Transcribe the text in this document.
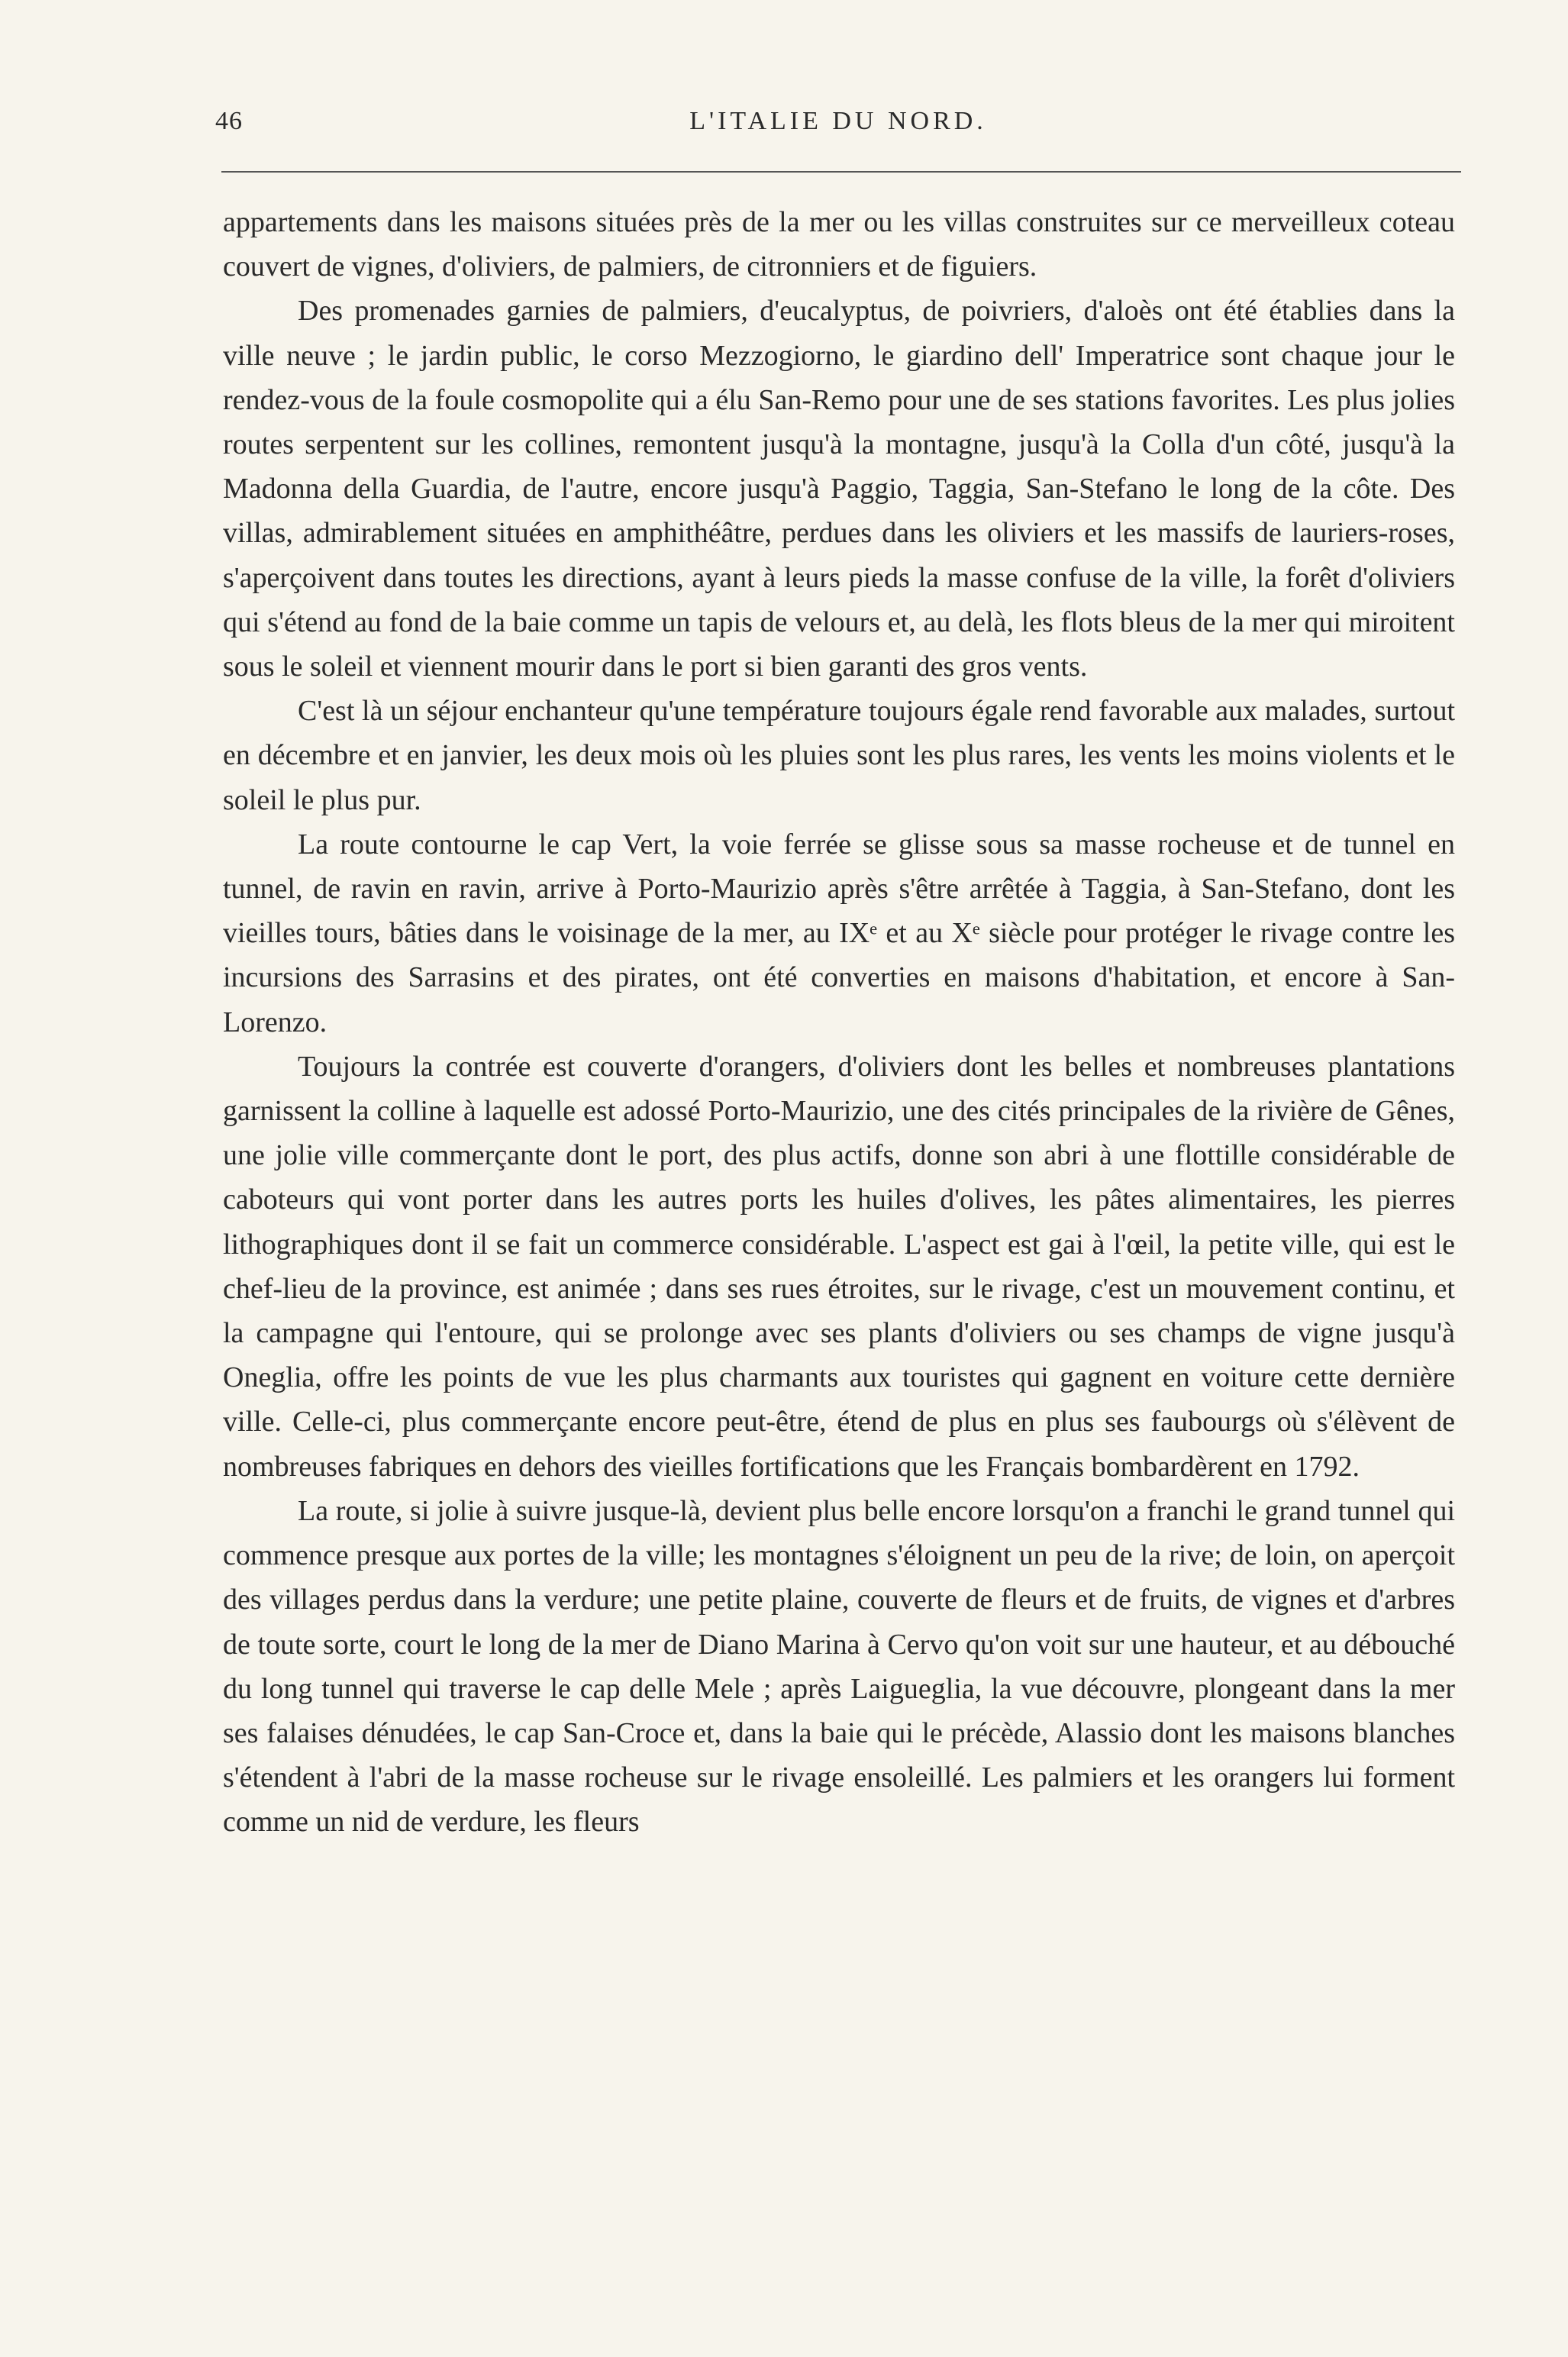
46	L'ITALIE DU NORD.

appartements dans les maisons situées près de la mer ou les villas construites sur ce merveilleux coteau couvert de vignes, d'oliviers, de palmiers, de citronniers et de figuiers.

Des promenades garnies de palmiers, d'eucalyptus, de poivriers, d'aloès ont été établies dans la ville neuve ; le jardin public, le corso Mezzogiorno, le giardino dell' Imperatrice sont chaque jour le rendez-vous de la foule cosmopolite qui a élu San-Remo pour une de ses stations favorites. Les plus jolies routes serpentent sur les collines, remontent jusqu'à la montagne, jusqu'à la Colla d'un côté, jusqu'à la Madonna della Guardia, de l'autre, encore jusqu'à Paggio, Taggia, San-Stefano le long de la côte. Des villas, admirablement situées en amphithéâtre, perdues dans les oliviers et les massifs de lauriers-roses, s'aperçoivent dans toutes les directions, ayant à leurs pieds la masse confuse de la ville, la forêt d'oliviers qui s'étend au fond de la baie comme un tapis de velours et, au delà, les flots bleus de la mer qui miroitent sous le soleil et viennent mourir dans le port si bien garanti des gros vents.

C'est là un séjour enchanteur qu'une température toujours égale rend favorable aux malades, surtout en décembre et en janvier, les deux mois où les pluies sont les plus rares, les vents les moins violents et le soleil le plus pur.

La route contourne le cap Vert, la voie ferrée se glisse sous sa masse rocheuse et de tunnel en tunnel, de ravin en ravin, arrive à Porto-Maurizio après s'être arrêtée à Taggia, à San-Stefano, dont les vieilles tours, bâties dans le voisinage de la mer, au IXᵉ et au Xᵉ siècle pour protéger le rivage contre les incursions des Sarrasins et des pirates, ont été converties en maisons d'habitation, et encore à San-Lorenzo.

Toujours la contrée est couverte d'orangers, d'oliviers dont les belles et nombreuses plantations garnissent la colline à laquelle est adossé Porto-Maurizio, une des cités principales de la rivière de Gênes, une jolie ville commerçante dont le port, des plus actifs, donne son abri à une flottille considérable de caboteurs qui vont porter dans les autres ports les huiles d'olives, les pâtes alimentaires, les pierres lithographiques dont il se fait un commerce considérable. L'aspect est gai à l'œil, la petite ville, qui est le chef-lieu de la province, est animée ; dans ses rues étroites, sur le rivage, c'est un mouvement continu, et la campagne qui l'entoure, qui se prolonge avec ses plants d'oliviers ou ses champs de vigne jusqu'à Oneglia, offre les points de vue les plus charmants aux touristes qui gagnent en voiture cette dernière ville. Celle-ci, plus commerçante encore peut-être, étend de plus en plus ses faubourgs où s'élèvent de nombreuses fabriques en dehors des vieilles fortifications que les Français bombardèrent en 1792.

La route, si jolie à suivre jusque-là, devient plus belle encore lorsqu'on a franchi le grand tunnel qui commence presque aux portes de la ville; les montagnes s'éloignent un peu de la rive; de loin, on aperçoit des villages perdus dans la verdure; une petite plaine, couverte de fleurs et de fruits, de vignes et d'arbres de toute sorte, court le long de la mer de Diano Marina à Cervo qu'on voit sur une hauteur, et au débouché du long tunnel qui traverse le cap delle Mele ; après Laigueglia, la vue découvre, plongeant dans la mer ses falaises dénudées, le cap San-Croce et, dans la baie qui le précède, Alassio dont les maisons blanches s'étendent à l'abri de la masse rocheuse sur le rivage ensoleillé. Les palmiers et les orangers lui forment comme un nid de verdure, les fleurs
